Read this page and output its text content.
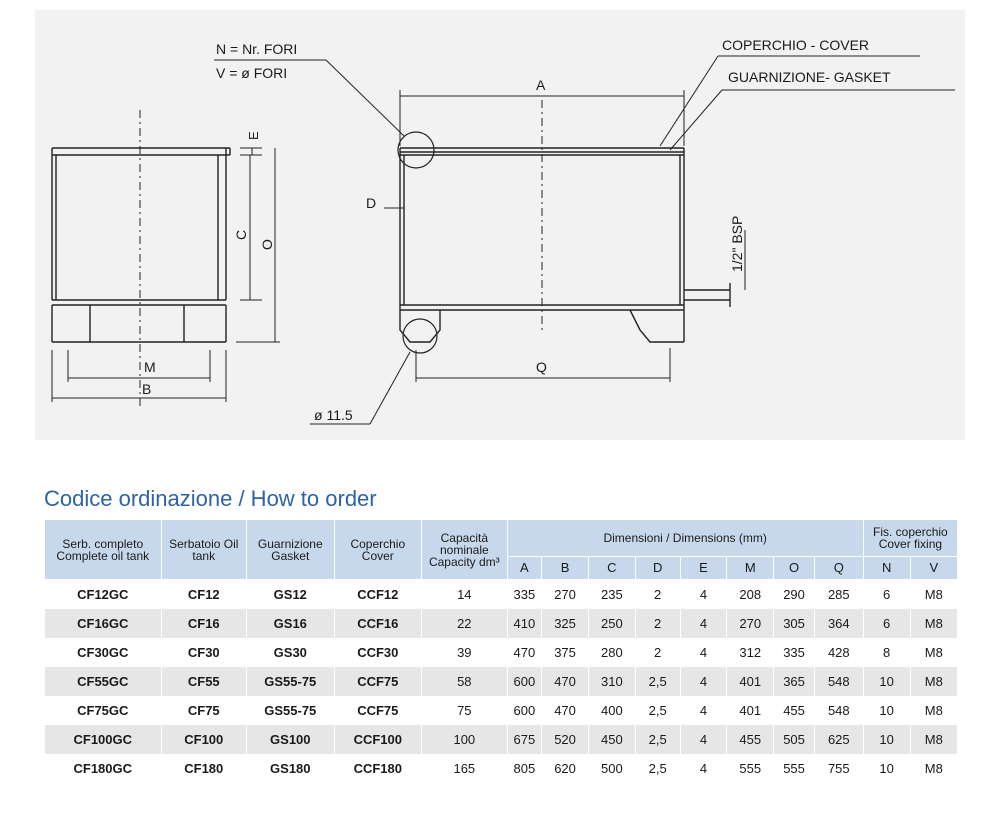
N = Nr. FORI
V = ø FORI
COPERCHIO - COVER
GUARNIZIONE- GASKET
A
D
1/2" BSP
Q
ø 11.5
E
C
O
M
B
Codice ordinazione / How to order
Serb. completo Complete oil tank	Serbatoio Oil tank	Guarnizione Gasket	Coperchio Cover	Capacità nominale Capacity dm³	Dimensioni / Dimensions (mm)								Fis. coperchio Cover fixing	
					A	B	C	D	E	M	O	Q	N	V
CF12GC	CF12	GS12	CCF12	14	335	270	235	2	4	208	290	285	6	M8
CF16GC	CF16	GS16	CCF16	22	410	325	250	2	4	270	305	364	6	M8
CF30GC	CF30	GS30	CCF30	39	470	375	280	2	4	312	335	428	8	M8
CF55GC	CF55	GS55-75	CCF75	58	600	470	310	2,5	4	401	365	548	10	M8
CF75GC	CF75	GS55-75	CCF75	75	600	470	400	2,5	4	401	455	548	10	M8
CF100GC	CF100	GS100	CCF100	100	675	520	450	2,5	4	455	505	625	10	M8
CF180GC	CF180	GS180	CCF180	165	805	620	500	2,5	4	555	555	755	10	M8
